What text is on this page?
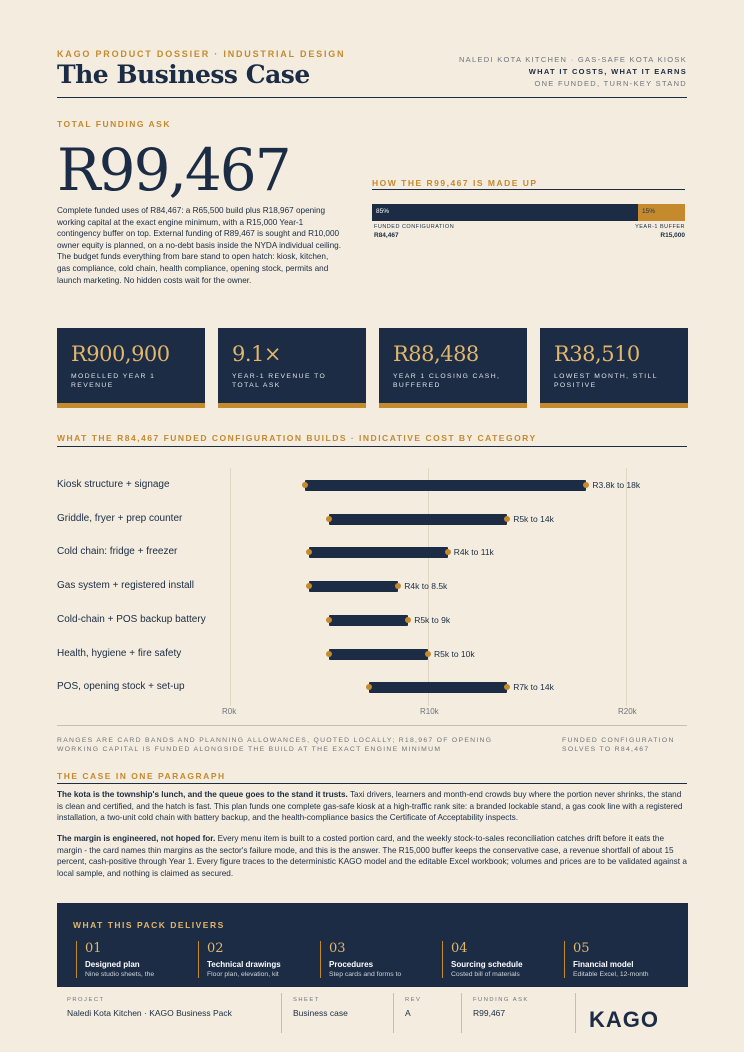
KAGO PRODUCT DOSSIER · INDUSTRIAL DESIGN
The Business Case
NALEDI KOTA KITCHEN · GAS-SAFE KOTA KIOSK
WHAT IT COSTS, WHAT IT EARNS
ONE FUNDED, TURN-KEY STAND
TOTAL FUNDING ASK
R99,467
Complete funded uses of R84,467: a R65,500 build plus R18,967 opening working capital at the exact engine minimum, with a R15,000 Year-1 contingency buffer on top. External funding of R89,467 is sought and R10,000 owner equity is planned, on a no-debt basis inside the NYDA individual ceiling. The budget funds everything from bare stand to open hatch: kiosk, kitchen, gas compliance, cold chain, health compliance, opening stock, permits and launch marketing. No hidden costs wait for the owner.
HOW THE R99,467 IS MADE UP
85%	15%
FUNDED CONFIGURATION
R84,467
YEAR-1 BUFFER
R15,000
R900,900
MODELLED YEAR 1 REVENUE
9.1×
YEAR-1 REVENUE TO TOTAL ASK
R88,488
YEAR 1 CLOSING CASH, BUFFERED
R38,510
LOWEST MONTH, STILL POSITIVE
WHAT THE R84,467 FUNDED CONFIGURATION BUILDS · INDICATIVE COST BY CATEGORY
R0k	R10k	R20k
Kiosk structure + signage	R3.8k to 18k
Griddle, fryer + prep counter	R5k to 14k
Cold chain: fridge + freezer	R4k to 11k
Gas system + registered install	R4k to 8.5k
Cold-chain + POS backup battery	R5k to 9k
Health, hygiene + fire safety	R5k to 10k
POS, opening stock + set-up	R7k to 14k
RANGES ARE CARD BANDS AND PLANNING ALLOWANCES, QUOTED LOCALLY; R18,967 OF OPENING WORKING CAPITAL IS FUNDED ALONGSIDE THE BUILD AT THE EXACT ENGINE MINIMUM
FUNDED CONFIGURATION SOLVES TO R84,467
THE CASE IN ONE PARAGRAPH
The kota is the township's lunch, and the queue goes to the stand it trusts. Taxi drivers, learners and month-end crowds buy where the portion never shrinks, the stand is clean and certified, and the hatch is fast. This plan funds one complete gas-safe kiosk at a high-traffic rank site: a branded lockable stand, a gas cook line with a registered installation, a two-unit cold chain with battery backup, and the health-compliance basics the Certificate of Acceptability inspects.
The margin is engineered, not hoped for. Every menu item is built to a costed portion card, and the weekly stock-to-sales reconciliation catches drift before it eats the margin - the card names thin margins as the sector's failure mode, and this is the answer. The R15,000 buffer keeps the conservative case, a revenue shortfall of about 15 percent, cash-positive through Year 1. Every figure traces to the deterministic KAGO model and the editable Excel workbook; volumes and prices are to be validated against a local sample, and nothing is claimed as secured.
WHAT THIS PACK DELIVERS
01
Designed plan
Nine studio sheets, the
02
Technical drawings
Floor plan, elevation, kit
03
Procedures
Step cards and forms to
04
Sourcing schedule
Costed bill of materials
05
Financial model
Editable Excel, 12-month
PROJECT
Naledi Kota Kitchen · KAGO Business Pack
SHEET
Business case
REV
A
FUNDING ASK
R99,467	KAGO
